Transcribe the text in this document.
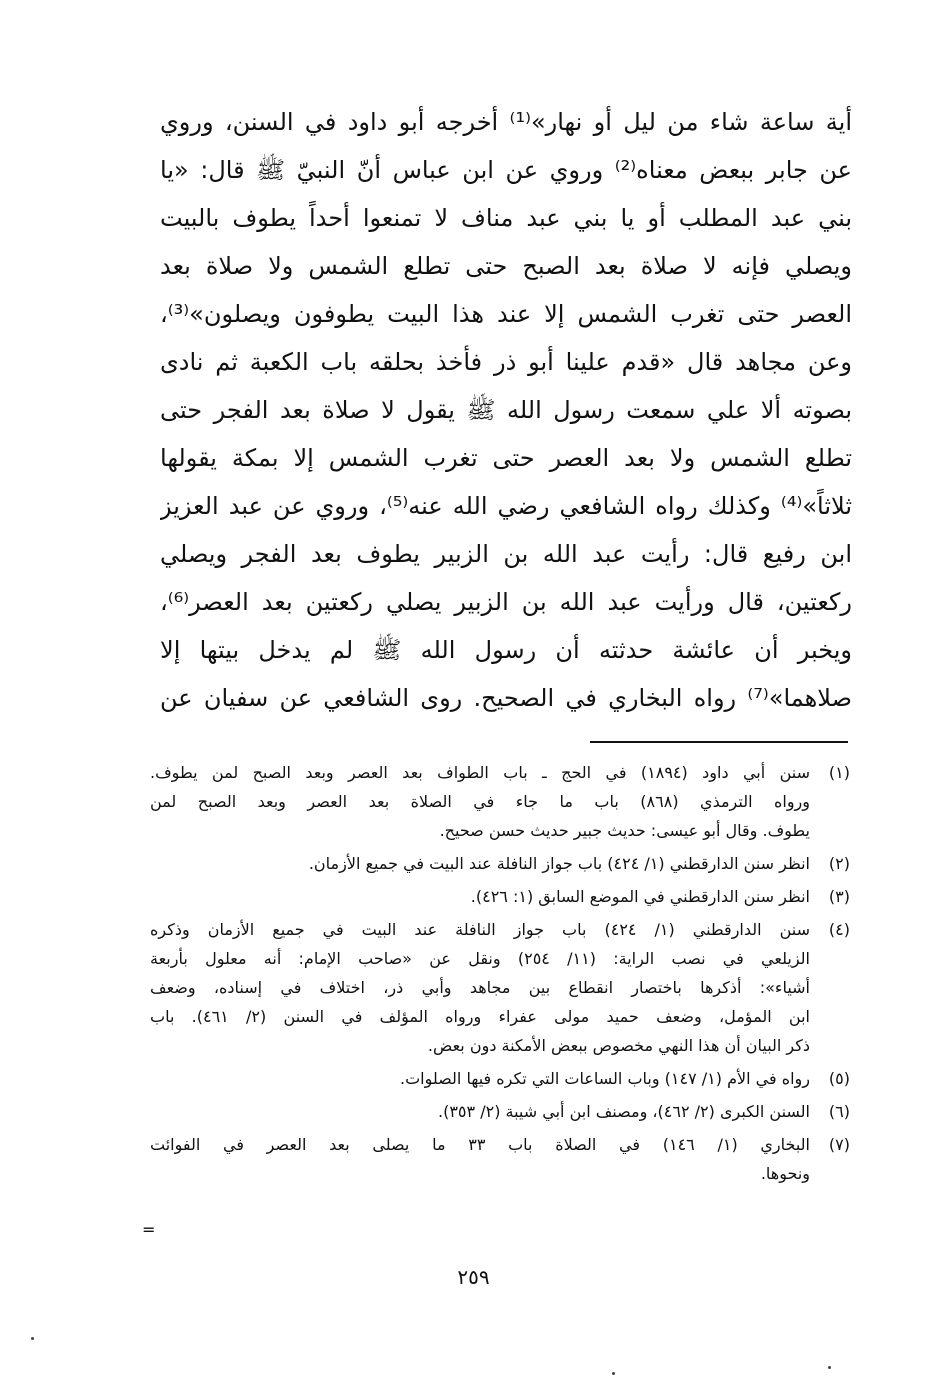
أية ساعة شاء من ليل أو نهار»⁽¹⁾ أخرجه أبو داود في السنن، وروي
عن جابر ببعض معناه⁽²⁾ وروي عن ابن عباس أنّ النبيّ ﷺ قال: «يا
بني عبد المطلب أو يا بني عبد مناف لا تمنعوا أحداً يطوف بالبيت
ويصلي فإنه لا صلاة بعد الصبح حتى تطلع الشمس ولا صلاة بعد
العصر حتى تغرب الشمس إلا عند هذا البيت يطوفون ويصلون»⁽³⁾،
وعن مجاهد قال «قدم علينا أبو ذر فأخذ بحلقه باب الكعبة ثم نادى
بصوته ألا علي سمعت رسول الله ﷺ يقول لا صلاة بعد الفجر حتى
تطلع الشمس ولا بعد العصر حتى تغرب الشمس إلا بمكة يقولها
ثلاثاً»⁽⁴⁾ وكذلك رواه الشافعي رضي الله عنه⁽⁵⁾، وروي عن عبد العزيز
ابن رفيع قال: رأيت عبد الله بن الزبير يطوف بعد الفجر ويصلي
ركعتين، قال ورأيت عبد الله بن الزبير يصلي ركعتين بعد العصر⁽⁶⁾،
ويخبر أن عائشة حدثته أن رسول الله ﷺ لم يدخل بيتها إلا
صلاهما»⁽⁷⁾ رواه البخاري في الصحيح. روى الشافعي عن سفيان عن
(١)
سنن أبي داود (١٨٩٤) في الحج ـ باب الطواف بعد العصر وبعد الصبح لمن يطوف.
ورواه الترمذي (٨٦٨) باب ما جاء في الصلاة بعد العصر وبعد الصبح لمن
يطوف. وقال أبو عيسى: حديث جبير حديث حسن صحيح.
(٢)
انظر سنن الدارقطني (١/ ٤٢٤) باب جواز النافلة عند البيت في جميع الأزمان.
(٣)
انظر سنن الدارقطني في الموضع السابق (١: ٤٢٦).
(٤)
سنن الدارقطني (١/ ٤٢٤) باب جواز النافلة عند البيت في جميع الأزمان وذكره
الزيلعي في نصب الراية: (١١/ ٢٥٤) ونقل عن «صاحب الإمام: أنه معلول بأربعة
أشياء»: أذكرها باختصار انقطاع بين مجاهد وأبي ذر، اختلاف في إسناده، وضعف
ابن المؤمل، وضعف حميد مولى عفراء ورواه المؤلف في السنن (٢/ ٤٦١). باب
ذكر البيان أن هذا النهي مخصوص ببعض الأمكنة دون بعض.
(٥)
رواه في الأم (١/ ١٤٧) وباب الساعات التي تكره فيها الصلوات.
(٦)
السنن الكبرى (٢/ ٤٦٢)، ومصنف ابن أبي شيبة (٢/ ٣٥٣).
(٧)
البخاري (١/ ١٤٦) في الصلاة باب ٣٣ ما يصلى بعد العصر في الفوائت
ونحوها.
=
٢٥٩
